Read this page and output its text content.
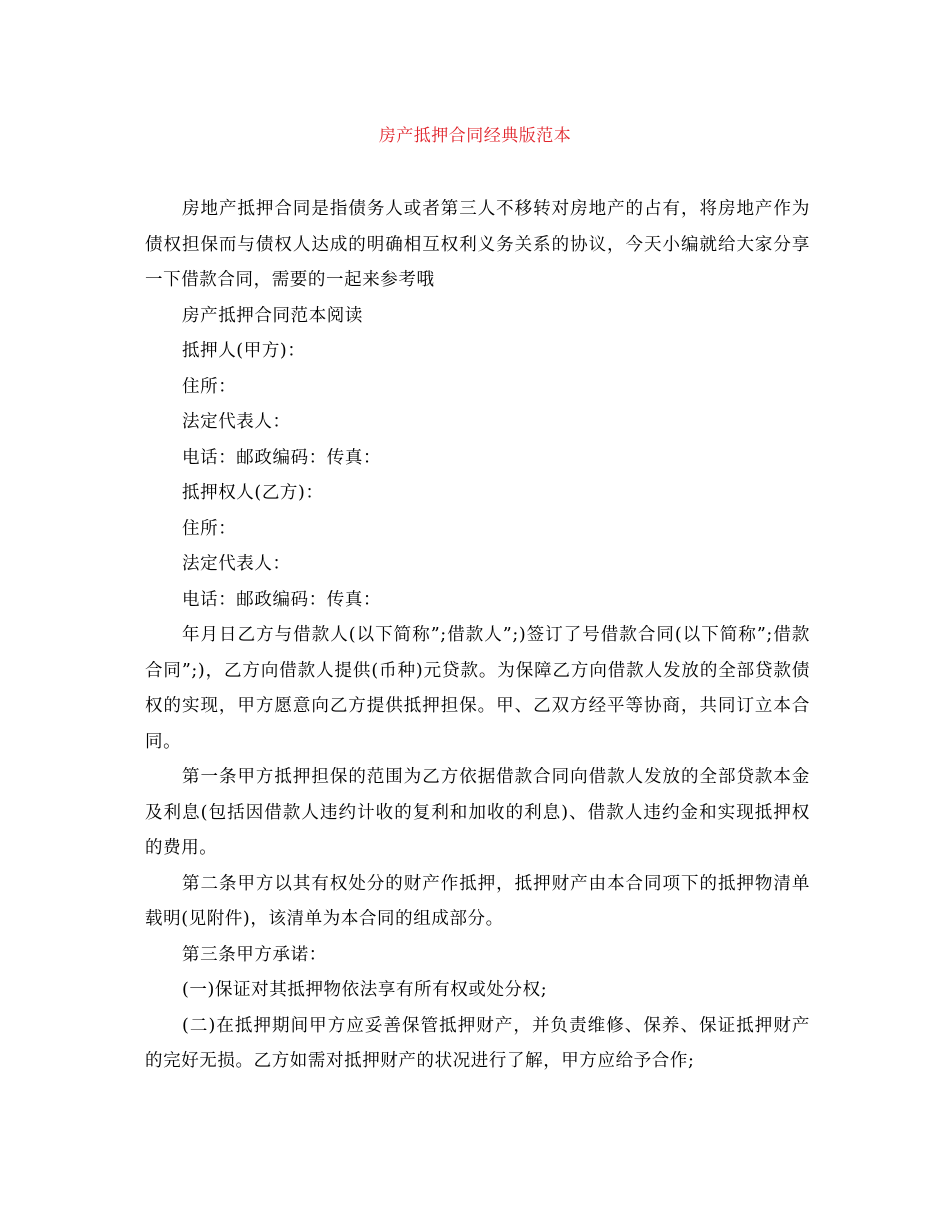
房产抵押合同经典版范本

房地产抵押合同是指债务人或者第三人不移转对房地产的占有，将房地产作为债权担保而与债权人达成的明确相互权利义务关系的协议，今天小编就给大家分享一下借款合同，需要的一起来参考哦

房产抵押合同范本阅读

抵押人(甲方)：

住所：

法定代表人：

电话：邮政编码：传真：

抵押权人(乙方)：

住所：

法定代表人：

电话：邮政编码：传真：

年月日乙方与借款人(以下简称”;借款人”;)签订了号借款合同(以下简称”;借款合同”;)，乙方向借款人提供(币种)元贷款。为保障乙方向借款人发放的全部贷款债权的实现，甲方愿意向乙方提供抵押担保。甲、乙双方经平等协商，共同订立本合同。

第一条甲方抵押担保的范围为乙方依据借款合同向借款人发放的全部贷款本金及利息(包括因借款人违约计收的复利和加收的利息)、借款人违约金和实现抵押权的费用。

第二条甲方以其有权处分的财产作抵押，抵押财产由本合同项下的抵押物清单载明(见附件)，该清单为本合同的组成部分。

第三条甲方承诺：

(一)保证对其抵押物依法享有所有权或处分权;

(二)在抵押期间甲方应妥善保管抵押财产，并负责维修、保养、保证抵押财产的完好无损。乙方如需对抵押财产的状况进行了解，甲方应给予合作;
